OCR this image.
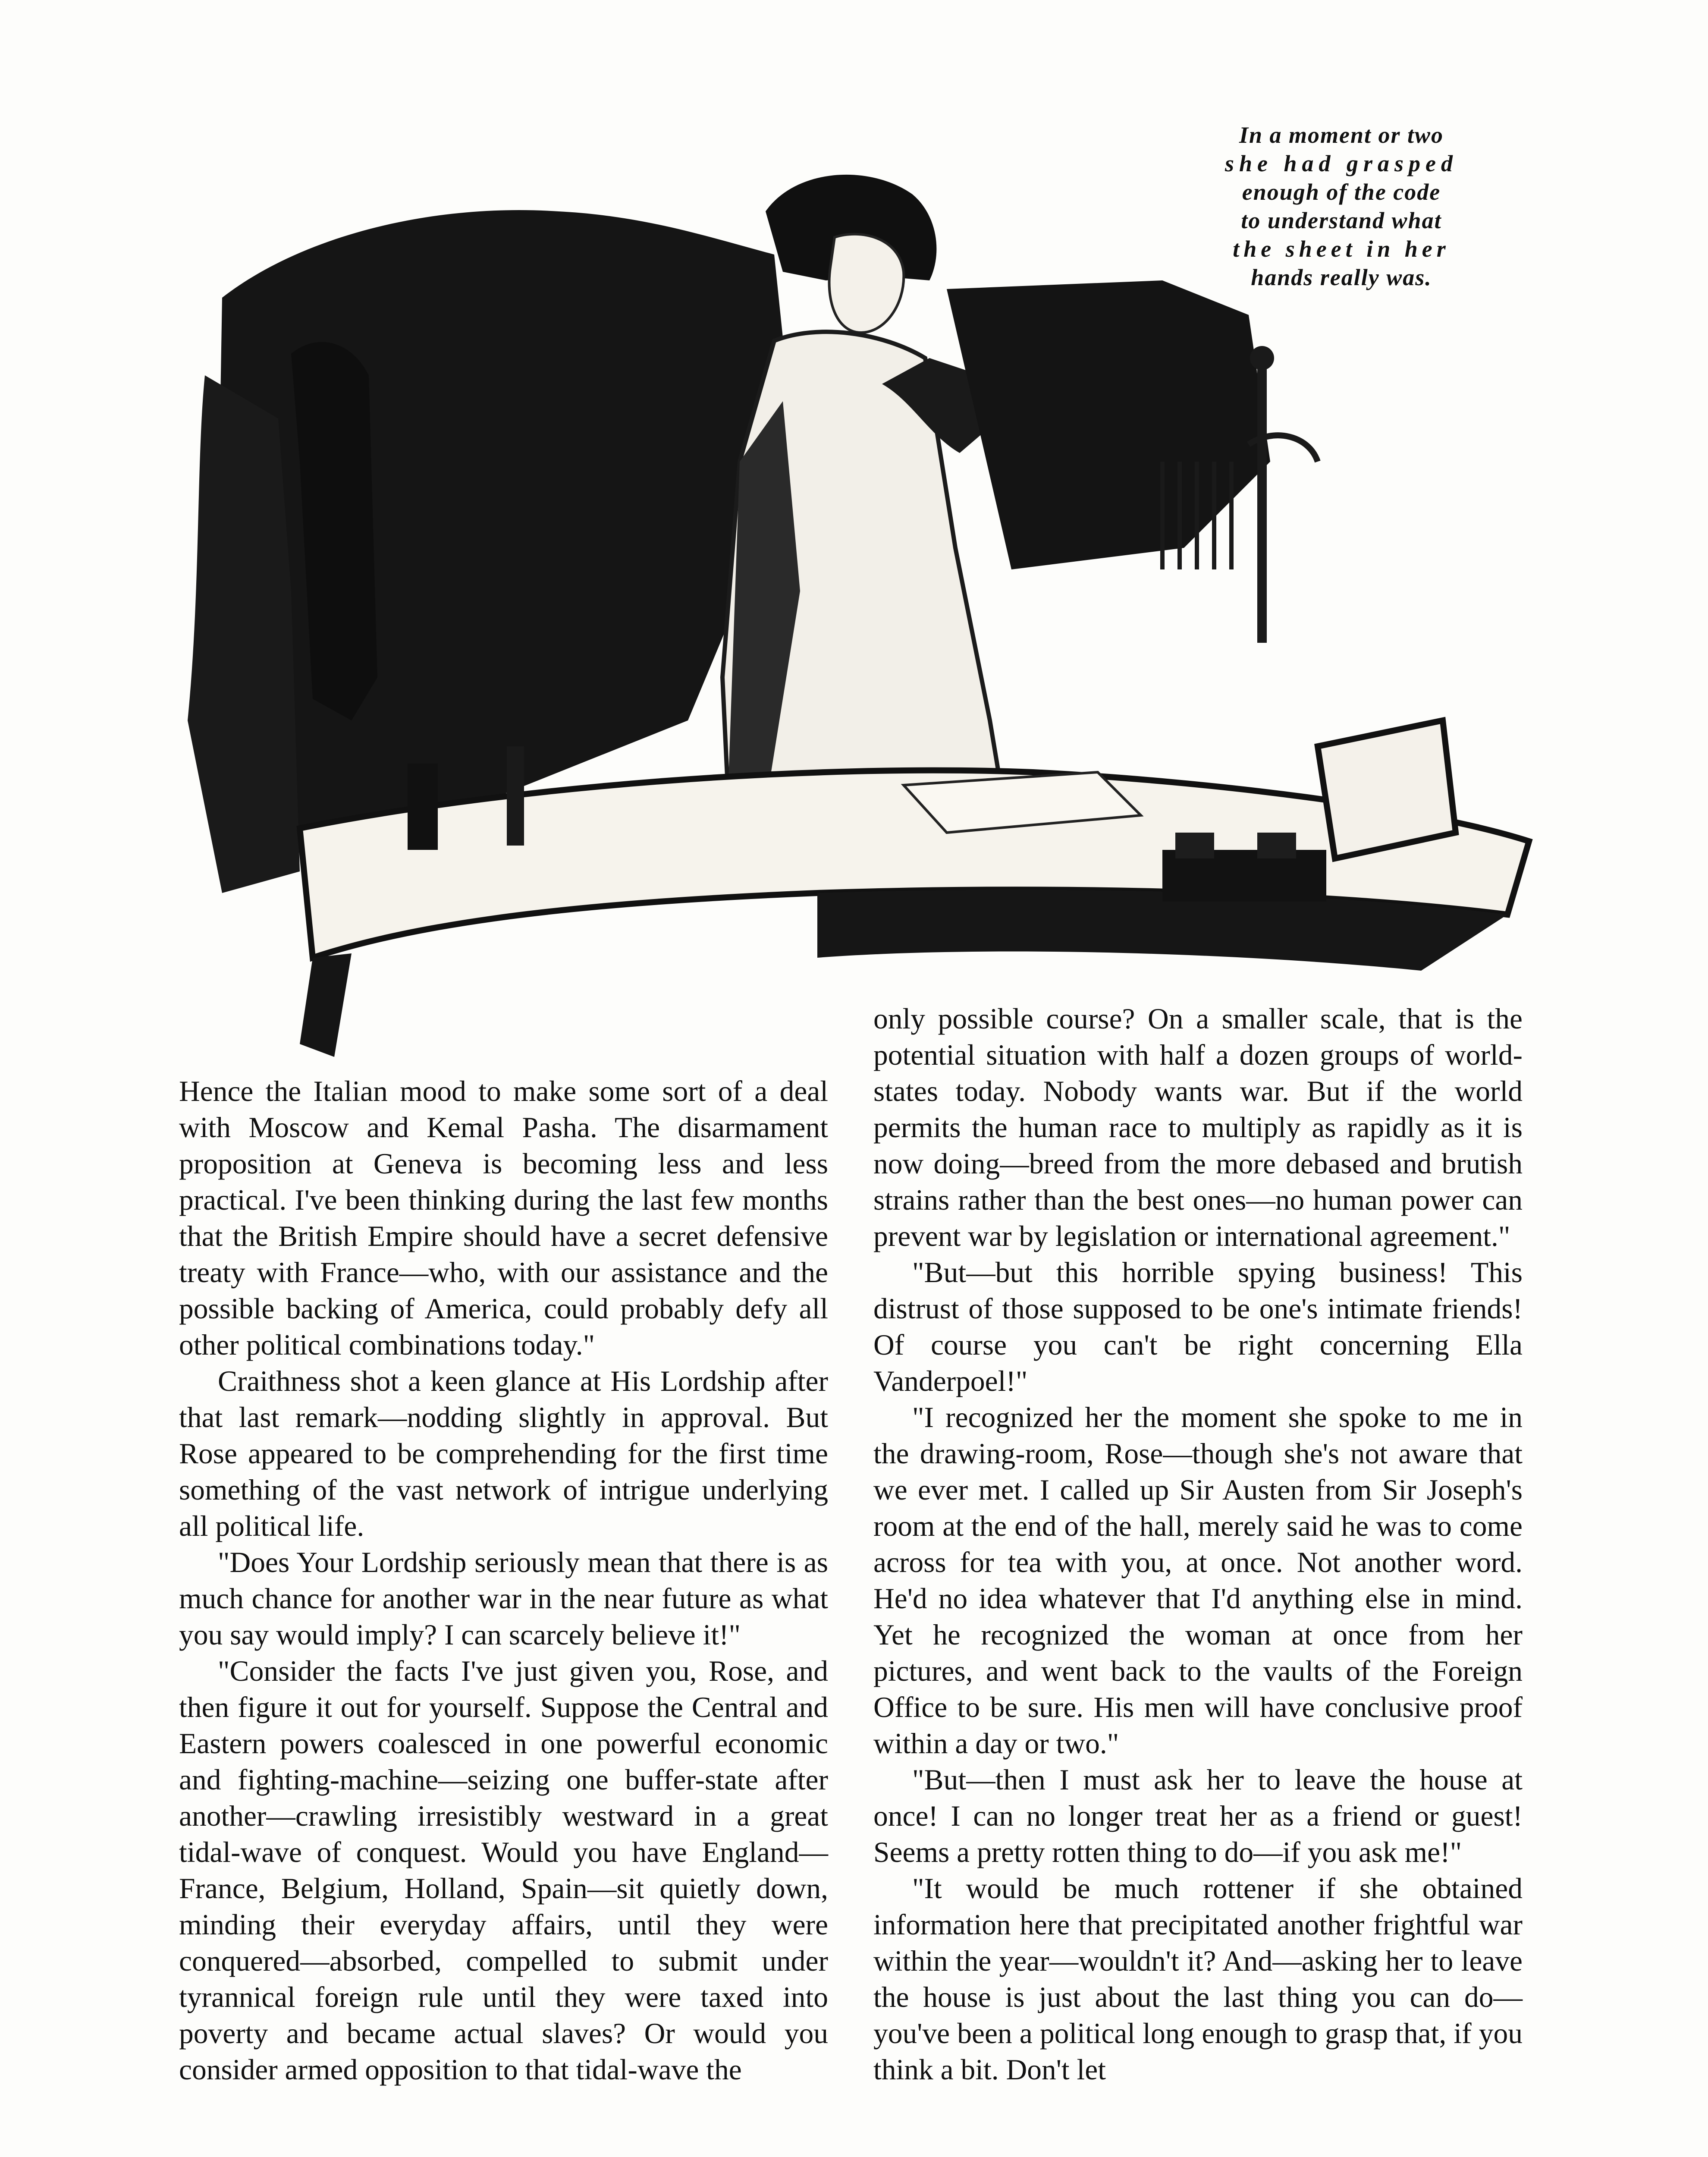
In a moment or two
she had grasped
enough of the code
to understand what
the sheet in her
hands really was.

Hence the Italian mood to make some sort of a deal with Moscow and Kemal Pasha. The disarmament proposition at Geneva is becoming less and less practical. I've been thinking during the last few months that the British Empire should have a secret defensive treaty with France—who, with our assistance and the possible backing of America, could probably defy all other political combinations today."

Craithness shot a keen glance at His Lordship after that last remark—nodding slightly in approval. But Rose appeared to be comprehending for the first time something of the vast network of intrigue underlying all political life.

"Does Your Lordship seriously mean that there is as much chance for another war in the near future as what you say would imply? I can scarcely believe it!"

"Consider the facts I've just given you, Rose, and then figure it out for yourself. Suppose the Central and Eastern powers coalesced in one powerful economic and fighting-machine—seizing one buffer-state after another—crawling irresistibly westward in a great tidal-wave of conquest. Would you have England—France, Belgium, Holland, Spain—sit quietly down, minding their everyday affairs, until they were conquered—absorbed, compelled to submit under tyrannical foreign rule until they were taxed into poverty and became actual slaves? Or would you consider armed opposition to that tidal-wave the

only possible course? On a smaller scale, that is the potential situation with half a dozen groups of world-states today. Nobody wants war. But if the world permits the human race to multiply as rapidly as it is now doing—breed from the more debased and brutish strains rather than the best ones—no human power can prevent war by legislation or international agreement."

"But—but this horrible spying business! This distrust of those supposed to be one's intimate friends! Of course you can't be right concerning Ella Vanderpoel!"

"I recognized her the moment she spoke to me in the drawing-room, Rose—though she's not aware that we ever met. I called up Sir Austen from Sir Joseph's room at the end of the hall, merely said he was to come across for tea with you, at once. Not another word. He'd no idea whatever that I'd anything else in mind. Yet he recognized the woman at once from her pictures, and went back to the vaults of the Foreign Office to be sure. His men will have conclusive proof within a day or two."

"But—then I must ask her to leave the house at once! I can no longer treat her as a friend or guest! Seems a pretty rotten thing to do—if you ask me!"

"It would be much rottener if she obtained information here that precipitated another frightful war within the year—wouldn't it? And—asking her to leave the house is just about the last thing you can do—you've been a political long enough to grasp that, if you think a bit. Don't let
